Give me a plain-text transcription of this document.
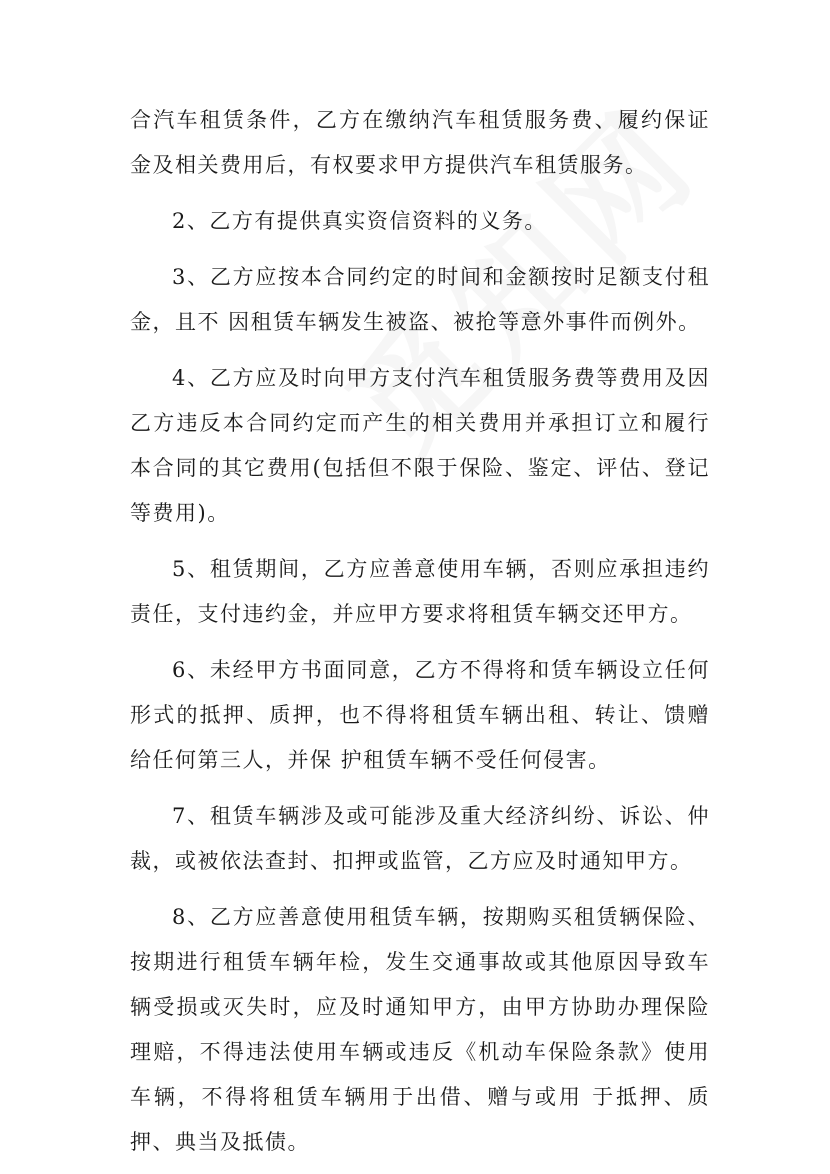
合汽车租赁条件，乙方在缴纳汽车租赁服务费、履约保证金及相关费用后，有权要求甲方提供汽车租赁服务。

2、乙方有提供真实资信资料的义务。

3、乙方应按本合同约定的时间和金额按时足额支付租金，且不 因租赁车辆发生被盗、被抢等意外事件而例外。

4、乙方应及时向甲方支付汽车租赁服务费等费用及因乙方违反本合同约定而产生的相关费用并承担订立和履行本合同的其它费用(包括但不限于保险、鉴定、评估、登记等费用)。

5、租赁期间，乙方应善意使用车辆，否则应承担违约责任，支付违约金，并应甲方要求将租赁车辆交还甲方。

6、未经甲方书面同意，乙方不得将和赁车辆设立任何形式的抵押、质押，也不得将租赁车辆出租、转让、馈赠给任何第三人，并保 护租赁车辆不受任何侵害。

7、租赁车辆涉及或可能涉及重大经济纠纷、诉讼、仲裁，或被依法查封、扣押或监管，乙方应及时通知甲方。

8、乙方应善意使用租赁车辆，按期购买租赁辆保险、按期进行租赁车辆年检，发生交通事故或其他原因导致车辆受损或灭失时，应及时通知甲方，由甲方协助办理保险理赔，不得违法使用车辆或违反《机动车保险条款》使用车辆，不得将租赁车辆用于出借、赠与或用 于抵押、质押、典当及抵债。
